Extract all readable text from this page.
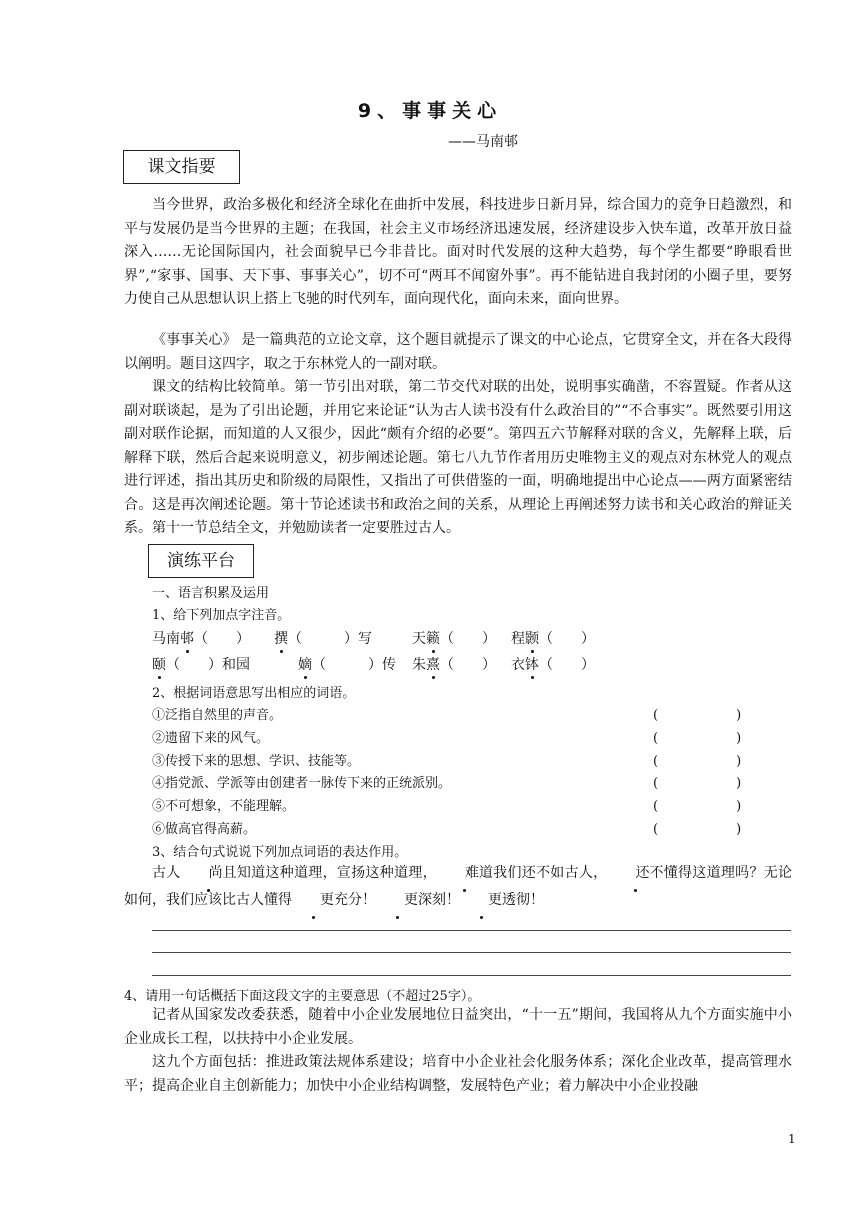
9、事事关心
——马南邨
课文指要

当今世界，政治多极化和经济全球化在曲折中发展，科技进步日新月异，综合国力的竞争日趋激烈，和平与发展仍是当今世界的主题；在我国，社会主义市场经济迅速发展，经济建设步入快车道，改革开放日益深入……无论国际国内，社会面貌早已今非昔比。面对时代发展的这种大趋势，每个学生都要“睁眼看世界”,“家事、国事、天下事、事事关心”，切不可“两耳不闻窗外事”。再不能钻进自我封闭的小圈子里，要努力使自己从思想认识上搭上飞驰的时代列车，面向现代化，面向未来，面向世界。

《事事关心》 是一篇典范的立论文章，这个题目就提示了课文的中心论点，它贯穿全文，并在各大段得以阐明。题目这四字，取之于东林党人的一副对联。

课文的结构比较简单。第一节引出对联，第二节交代对联的出处，说明事实确凿，不容置疑。作者从这副对联谈起，是为了引出论题，并用它来论证“认为古人读书没有什么政治目的”“不合事实”。既然要引用这副对联作论据，而知道的人又很少，因此“颇有介绍的必要”。第四五六节解释对联的含义，先解释上联，后解释下联，然后合起来说明意义，初步阐述论题。第七八九节作者用历史唯物主义的观点对东林党人的观点进行评述，指出其历史和阶级的局限性，又指出了可供借鉴的一面，明确地提出中心论点——两方面紧密结合。这是再次阐述论题。第十节论述读书和政治之间的关系，从理论上再阐述努力读书和关心政治的辩证关系。第十一节总结全文，并勉励读者一定要胜过古人。

演练平台
一、语言积累及运用
1、给下列加点字注音。
马南邨（　　） 撰（　　　）写	天籁（　　） 程颢（　　）
颐（　　）和园	嫡（　　　）传 朱熹（　　） 衣钵（　　）
2、根据词语意思写出相应的词语。
①泛指自然里的声音。	(　　　　　　)
②遗留下来的风气。	(　　　　　　)
③传授下来的思想、学识、技能等。	(　　　　　　)
④指党派、学派等由创建者一脉传下来的正统派别。	(　　　　　　)
⑤不可想象，不能理解。	(　　　　　　)
⑥做高官得高薪。	(　　　　　　)
3、结合句式说说下列加点词语的表达作用。

古人 尚且知道这种道理，宣扬这种道理， 难道我们还不如古人， 还不懂得这道理吗？无论如何，我们应该比古人懂得 更充分！ 更深刻！ 更透彻！

4、请用一句话概括下面这段文字的主要意思（不超过25字）。

记者从国家发改委获悉，随着中小企业发展地位日益突出，“十一五”期间，我国将从九个方面实施中小企业成长工程，以扶持中小企业发展。

这九个方面包括：推进政策法规体系建设；培育中小企业社会化服务体系；深化企业改革，提高管理水平；提高企业自主创新能力；加快中小企业结构调整，发展特色产业；着力解决中小企业投融

1
